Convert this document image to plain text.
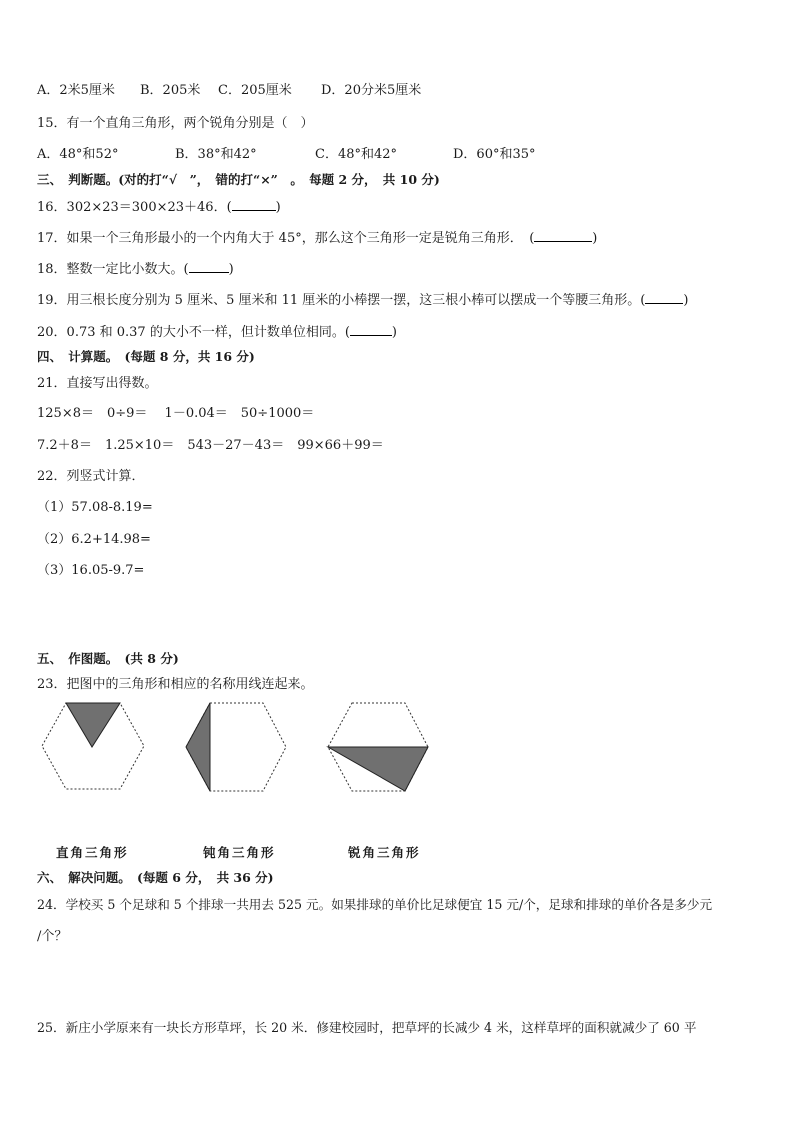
A．2米5厘米 B．205米 C．205厘米 D．20分米5厘米
15．有一个直角三角形，两个锐角分别是（　）
A．48°和52°	B．38°和42°	C．48°和42°	D．60°和35°
三、　判断题。(对的打“√　”，　错的打“×”　。　每题 2 分，　共 10 分)
16．302×23＝300×23＋46．(	)
17．如果一个三角形最小的一个内角大于 45°，那么这个三角形一定是锐角三角形．　(	)
18．整数一定比小数大。(	)
19．用三根长度分别为 5 厘米、5 厘米和 11 厘米的小棒摆一摆，这三根小棒可以摆成一个等腰三角形。(	)
20．0.73 和 0.37 的大小不一样，但计数单位相同。(	)
四、　计算题。　(每题 8 分，共 16 分)
21．直接写出得数。
125×8＝　0÷9＝　 1－0.04＝　50÷1000＝
7.2＋8＝　1.25×10＝　543－27－43＝　99×66＋99＝
22．列竖式计算．
（1）57.08-8.19=
（2）6.2+14.98=
（3）16.05-9.7=
五、　作图题。　(共 8 分)
23．把图中的三角形和相应的名称用线连起来。
直角三角形	钝角三角形	锐角三角形
六、　解决问题。　(每题 6 分，　共 36 分)
24．学校买 5 个足球和 5 个排球一共用去 525 元。如果排球的单价比足球便宜 15 元/个，足球和排球的单价各是多少元
/个？
25．新庄小学原来有一块长方形草坪，长 20 米．修建校园时，把草坪的长减少 4 米，这样草坪的面积就减少了 60 平
